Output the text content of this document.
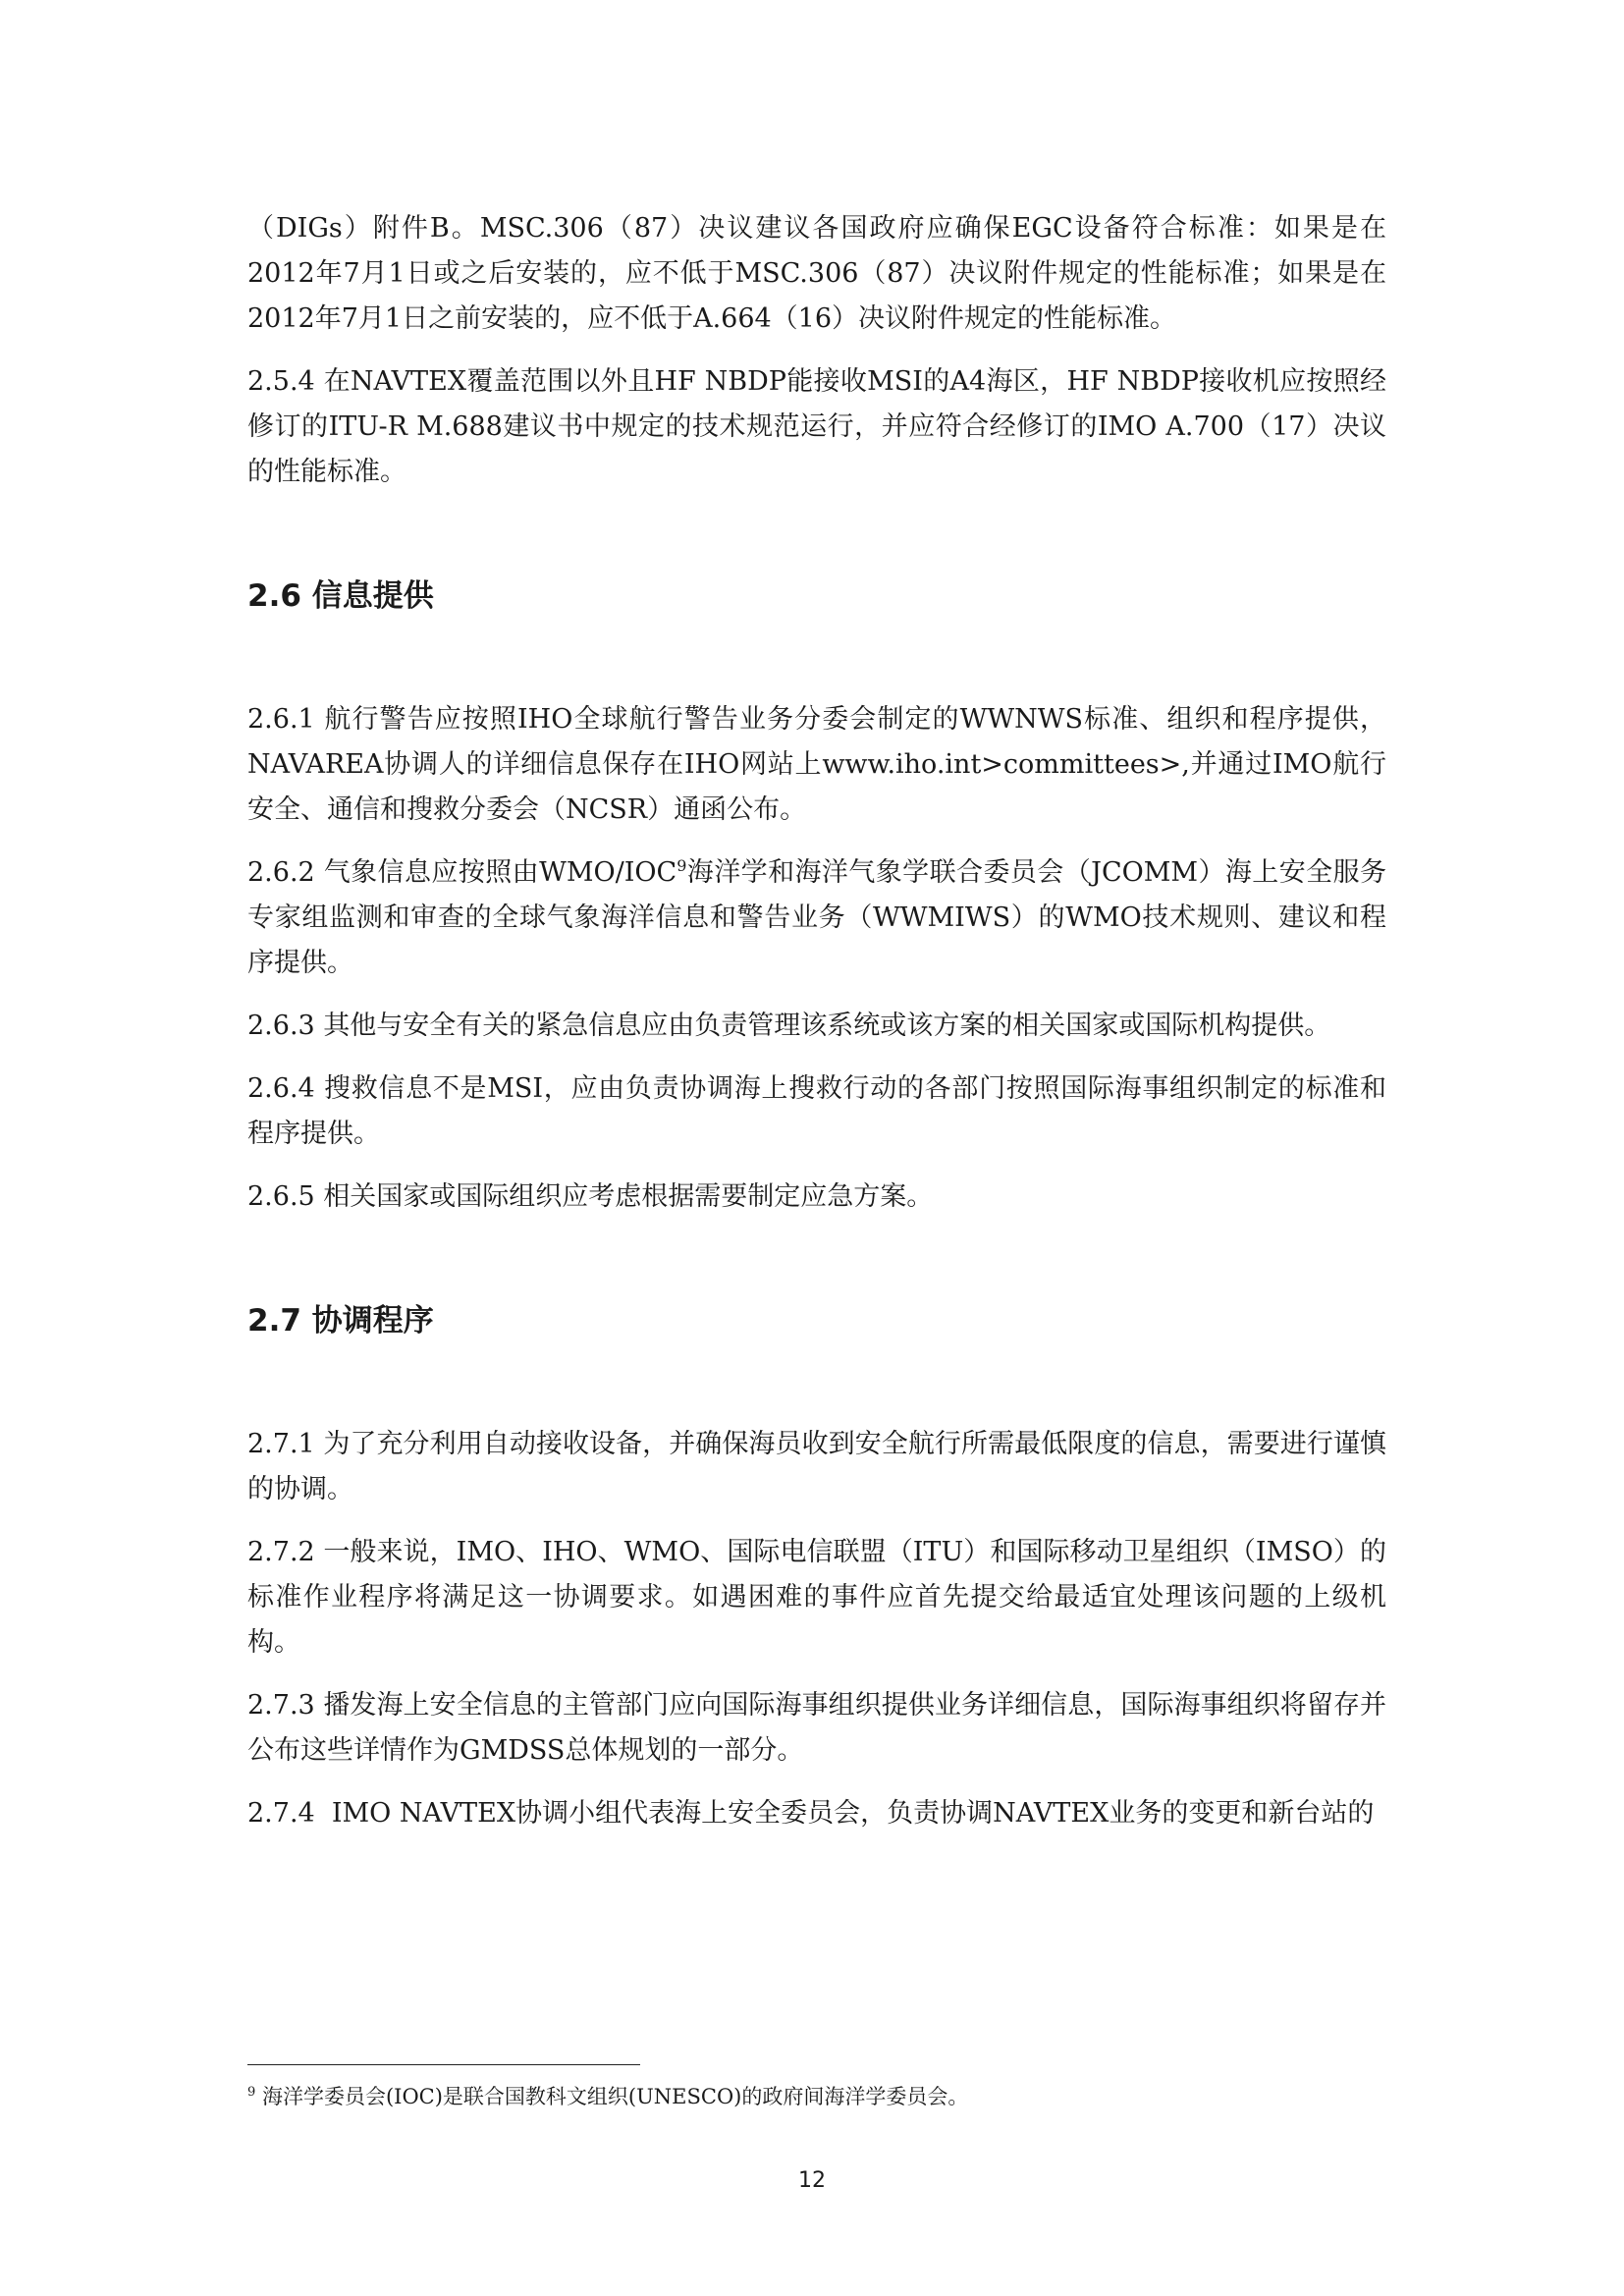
（DIGs）附件B。MSC.306（87）决议建议各国政府应确保EGC设备符合标准：如果是在2012年7月1日或之后安装的，应不低于MSC.306（87）决议附件规定的性能标准；如果是在2012年7月1日之前安装的，应不低于A.664（16）决议附件规定的性能标准。

2.5.4 在NAVTEX覆盖范围以外且HF NBDP能接收MSI的A4海区，HF NBDP接收机应按照经修订的ITU-R M.688建议书中规定的技术规范运行，并应符合经修订的IMO A.700（17）决议的性能标准。

2.6 信息提供

2.6.1 航行警告应按照IHO全球航行警告业务分委会制定的WWNWS标准、组织和程序提供，NAVAREA协调人的详细信息保存在IHO网站上www.iho.int>committees>,并通过IMO航行安全、通信和搜救分委会（NCSR）通函公布。

2.6.2 气象信息应按照由WMO/IOC$^9$海洋学和海洋气象学联合委员会（JCOMM）海上安全服务专家组监测和审查的全球气象海洋信息和警告业务（WWMIWS）的WMO技术规则、建议和程序提供。

2.6.3 其他与安全有关的紧急信息应由负责管理该系统或该方案的相关国家或国际机构提供。

2.6.4 搜救信息不是MSI，应由负责协调海上搜救行动的各部门按照国际海事组织制定的标准和程序提供。

2.6.5 相关国家或国际组织应考虑根据需要制定应急方案。

2.7 协调程序

2.7.1 为了充分利用自动接收设备，并确保海员收到安全航行所需最低限度的信息，需要进行谨慎的协调。

2.7.2 一般来说，IMO、IHO、WMO、国际电信联盟（ITU）和国际移动卫星组织（IMSO）的标准作业程序将满足这一协调要求。如遇困难的事件应首先提交给最适宜处理该问题的上级机构。

2.7.3 播发海上安全信息的主管部门应向国际海事组织提供业务详细信息，国际海事组织将留存并公布这些详情作为GMDSS总体规划的一部分。

2.7.4  IMO NAVTEX协调小组代表海上安全委员会，负责协调NAVTEX业务的变更和新台站的

$^9$ 海洋学委员会(IOC)是联合国教科文组织(UNESCO)的政府间海洋学委员会。
12
